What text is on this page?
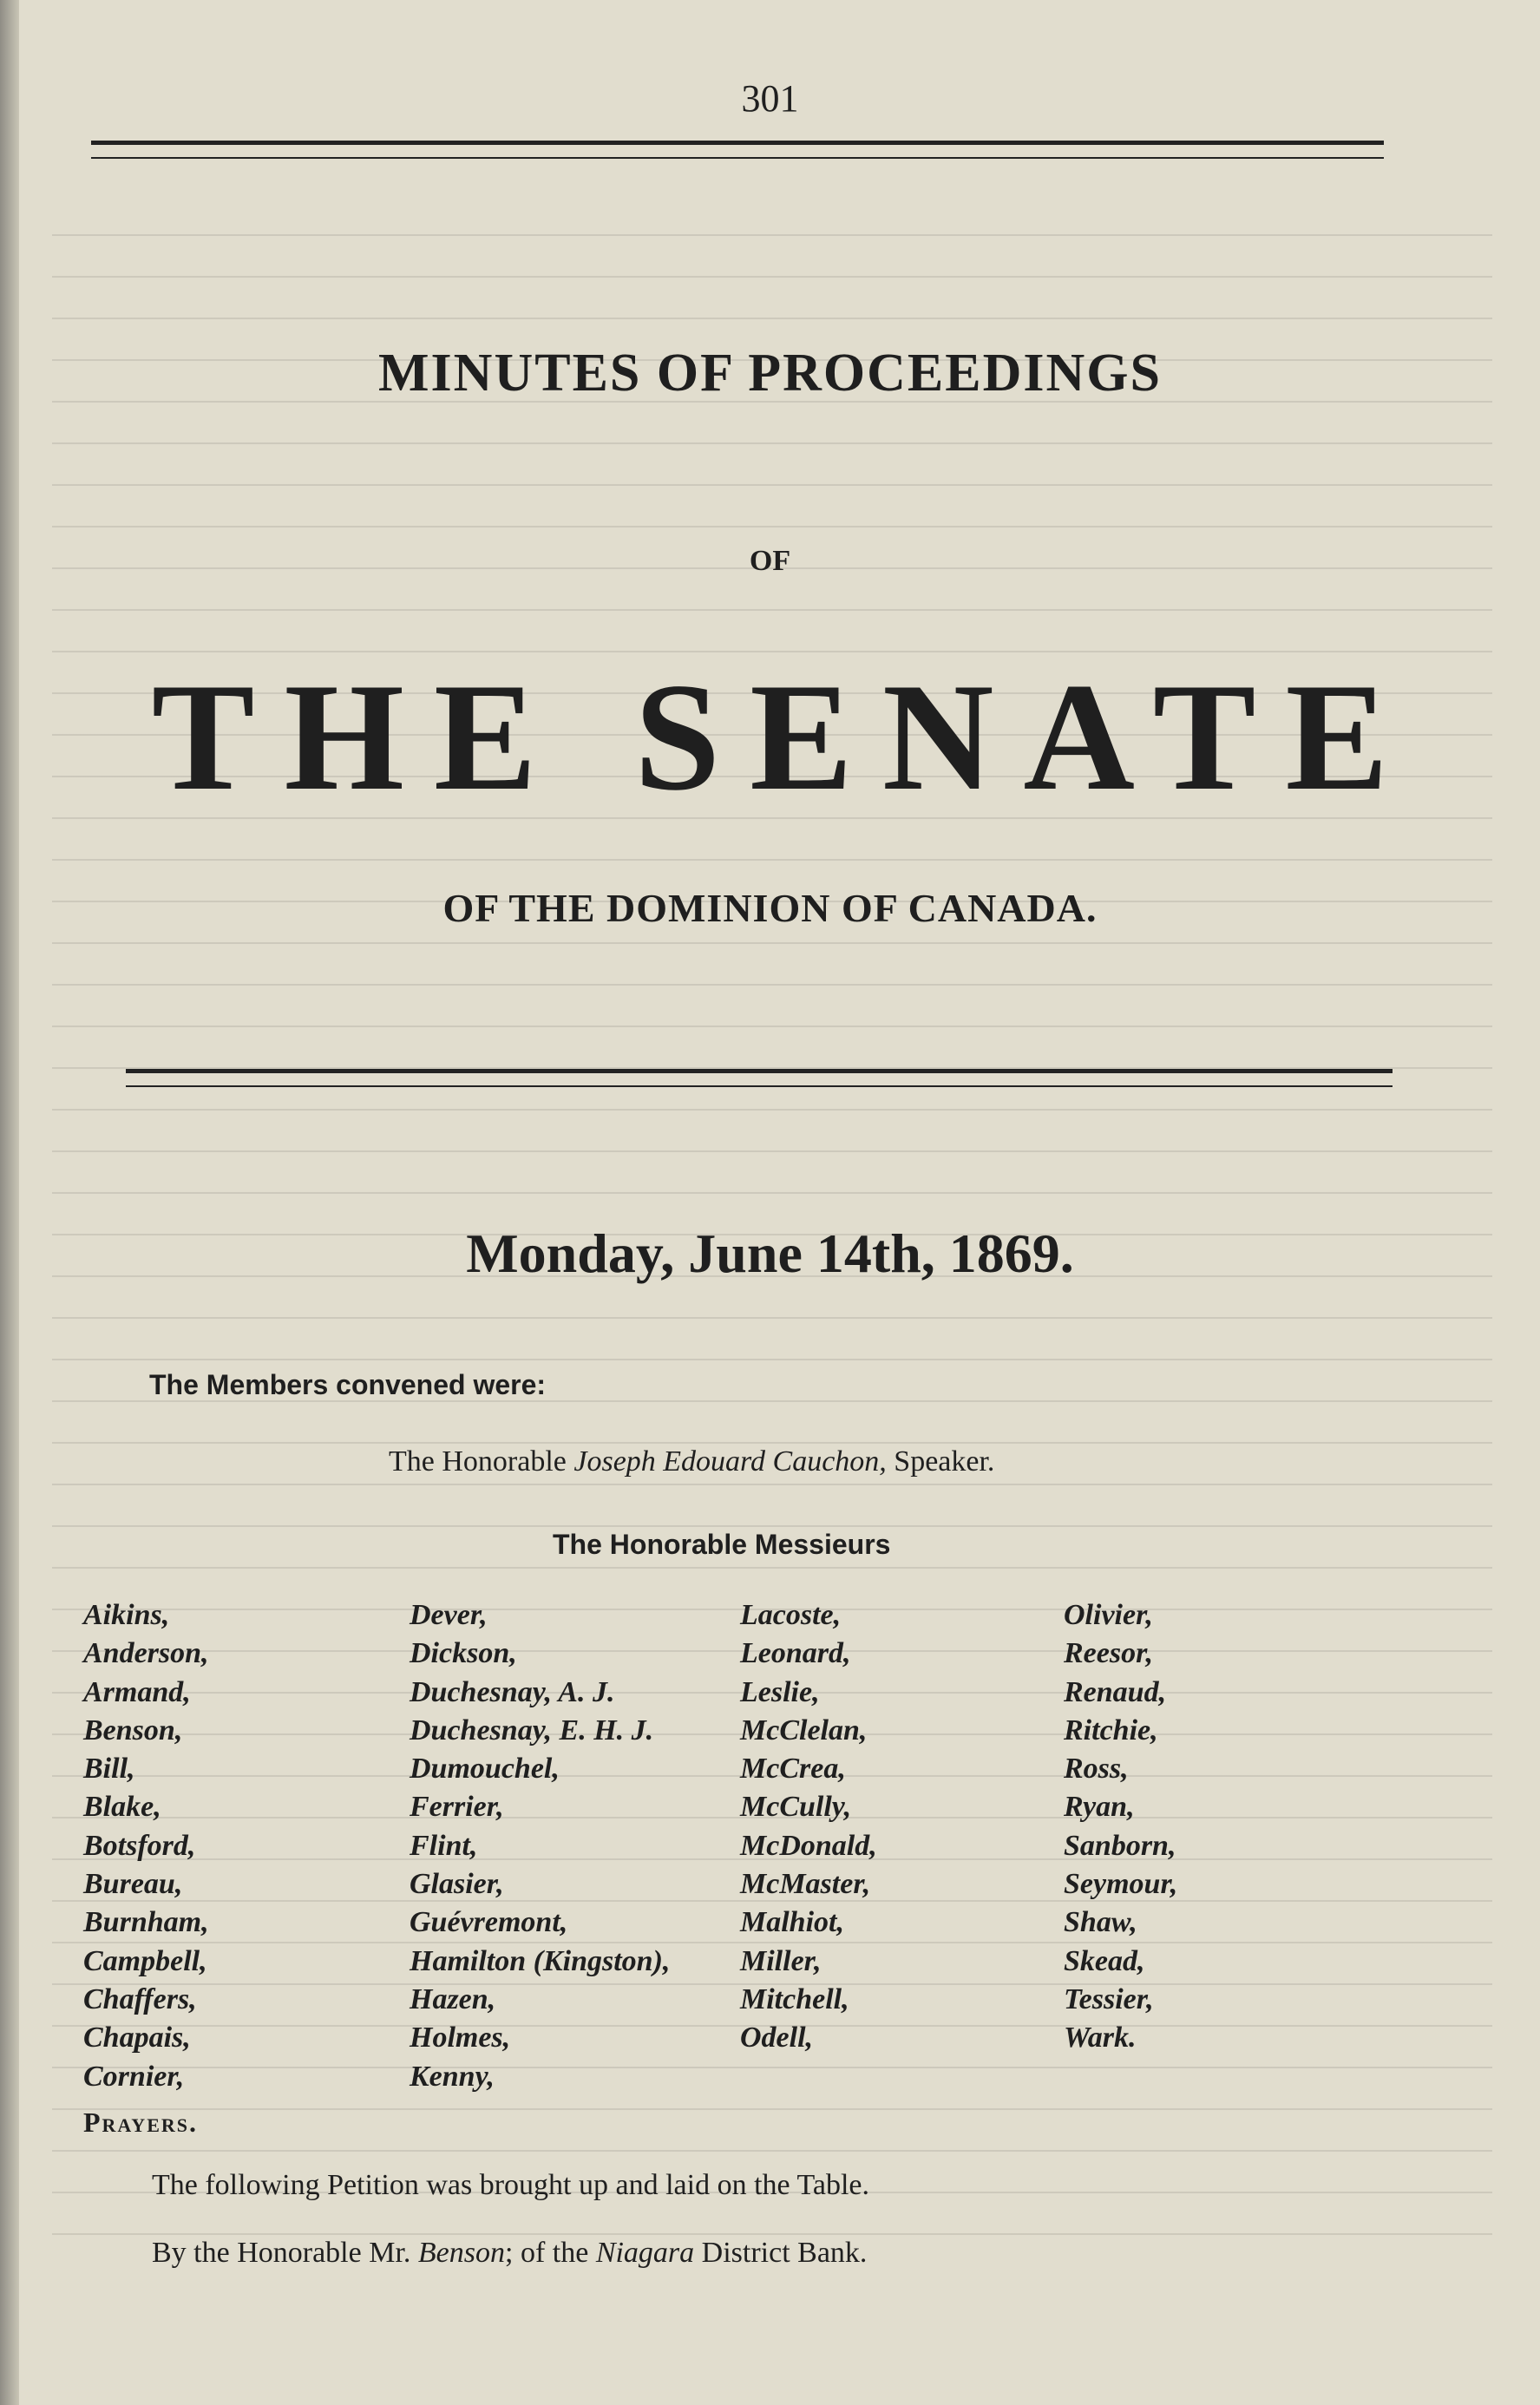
301
MINUTES OF PROCEEDINGS
OF
THE SENATE
OF THE DOMINION OF CANADA.
Monday, June 14th, 1869.
The Members convened were:
The Honorable Joseph Edouard Cauchon, Speaker.
The Honorable Messieurs
Aikins,
Anderson,
Armand,
Benson,
Bill,
Blake,
Botsford,
Bureau,
Burnham,
Campbell,
Chaffers,
Chapais,
Cornier,
Dever,
Dickson,
Duchesnay, A. J.
Duchesnay, E. H. J.
Dumouchel,
Ferrier,
Flint,
Glasier,
Guévremont,
Hamilton (Kingston),
Hazen,
Holmes,
Kenny,
Lacoste,
Leonard,
Leslie,
McClelan,
McCrea,
McCully,
McDonald,
McMaster,
Malhiot,
Miller,
Mitchell,
Odell,
Olivier,
Reesor,
Renaud,
Ritchie,
Ross,
Ryan,
Sanborn,
Seymour,
Shaw,
Skead,
Tessier,
Wark.
Prayers.
The following Petition was brought up and laid on the Table.
By the Honorable Mr. Benson; of the Niagara District Bank.
